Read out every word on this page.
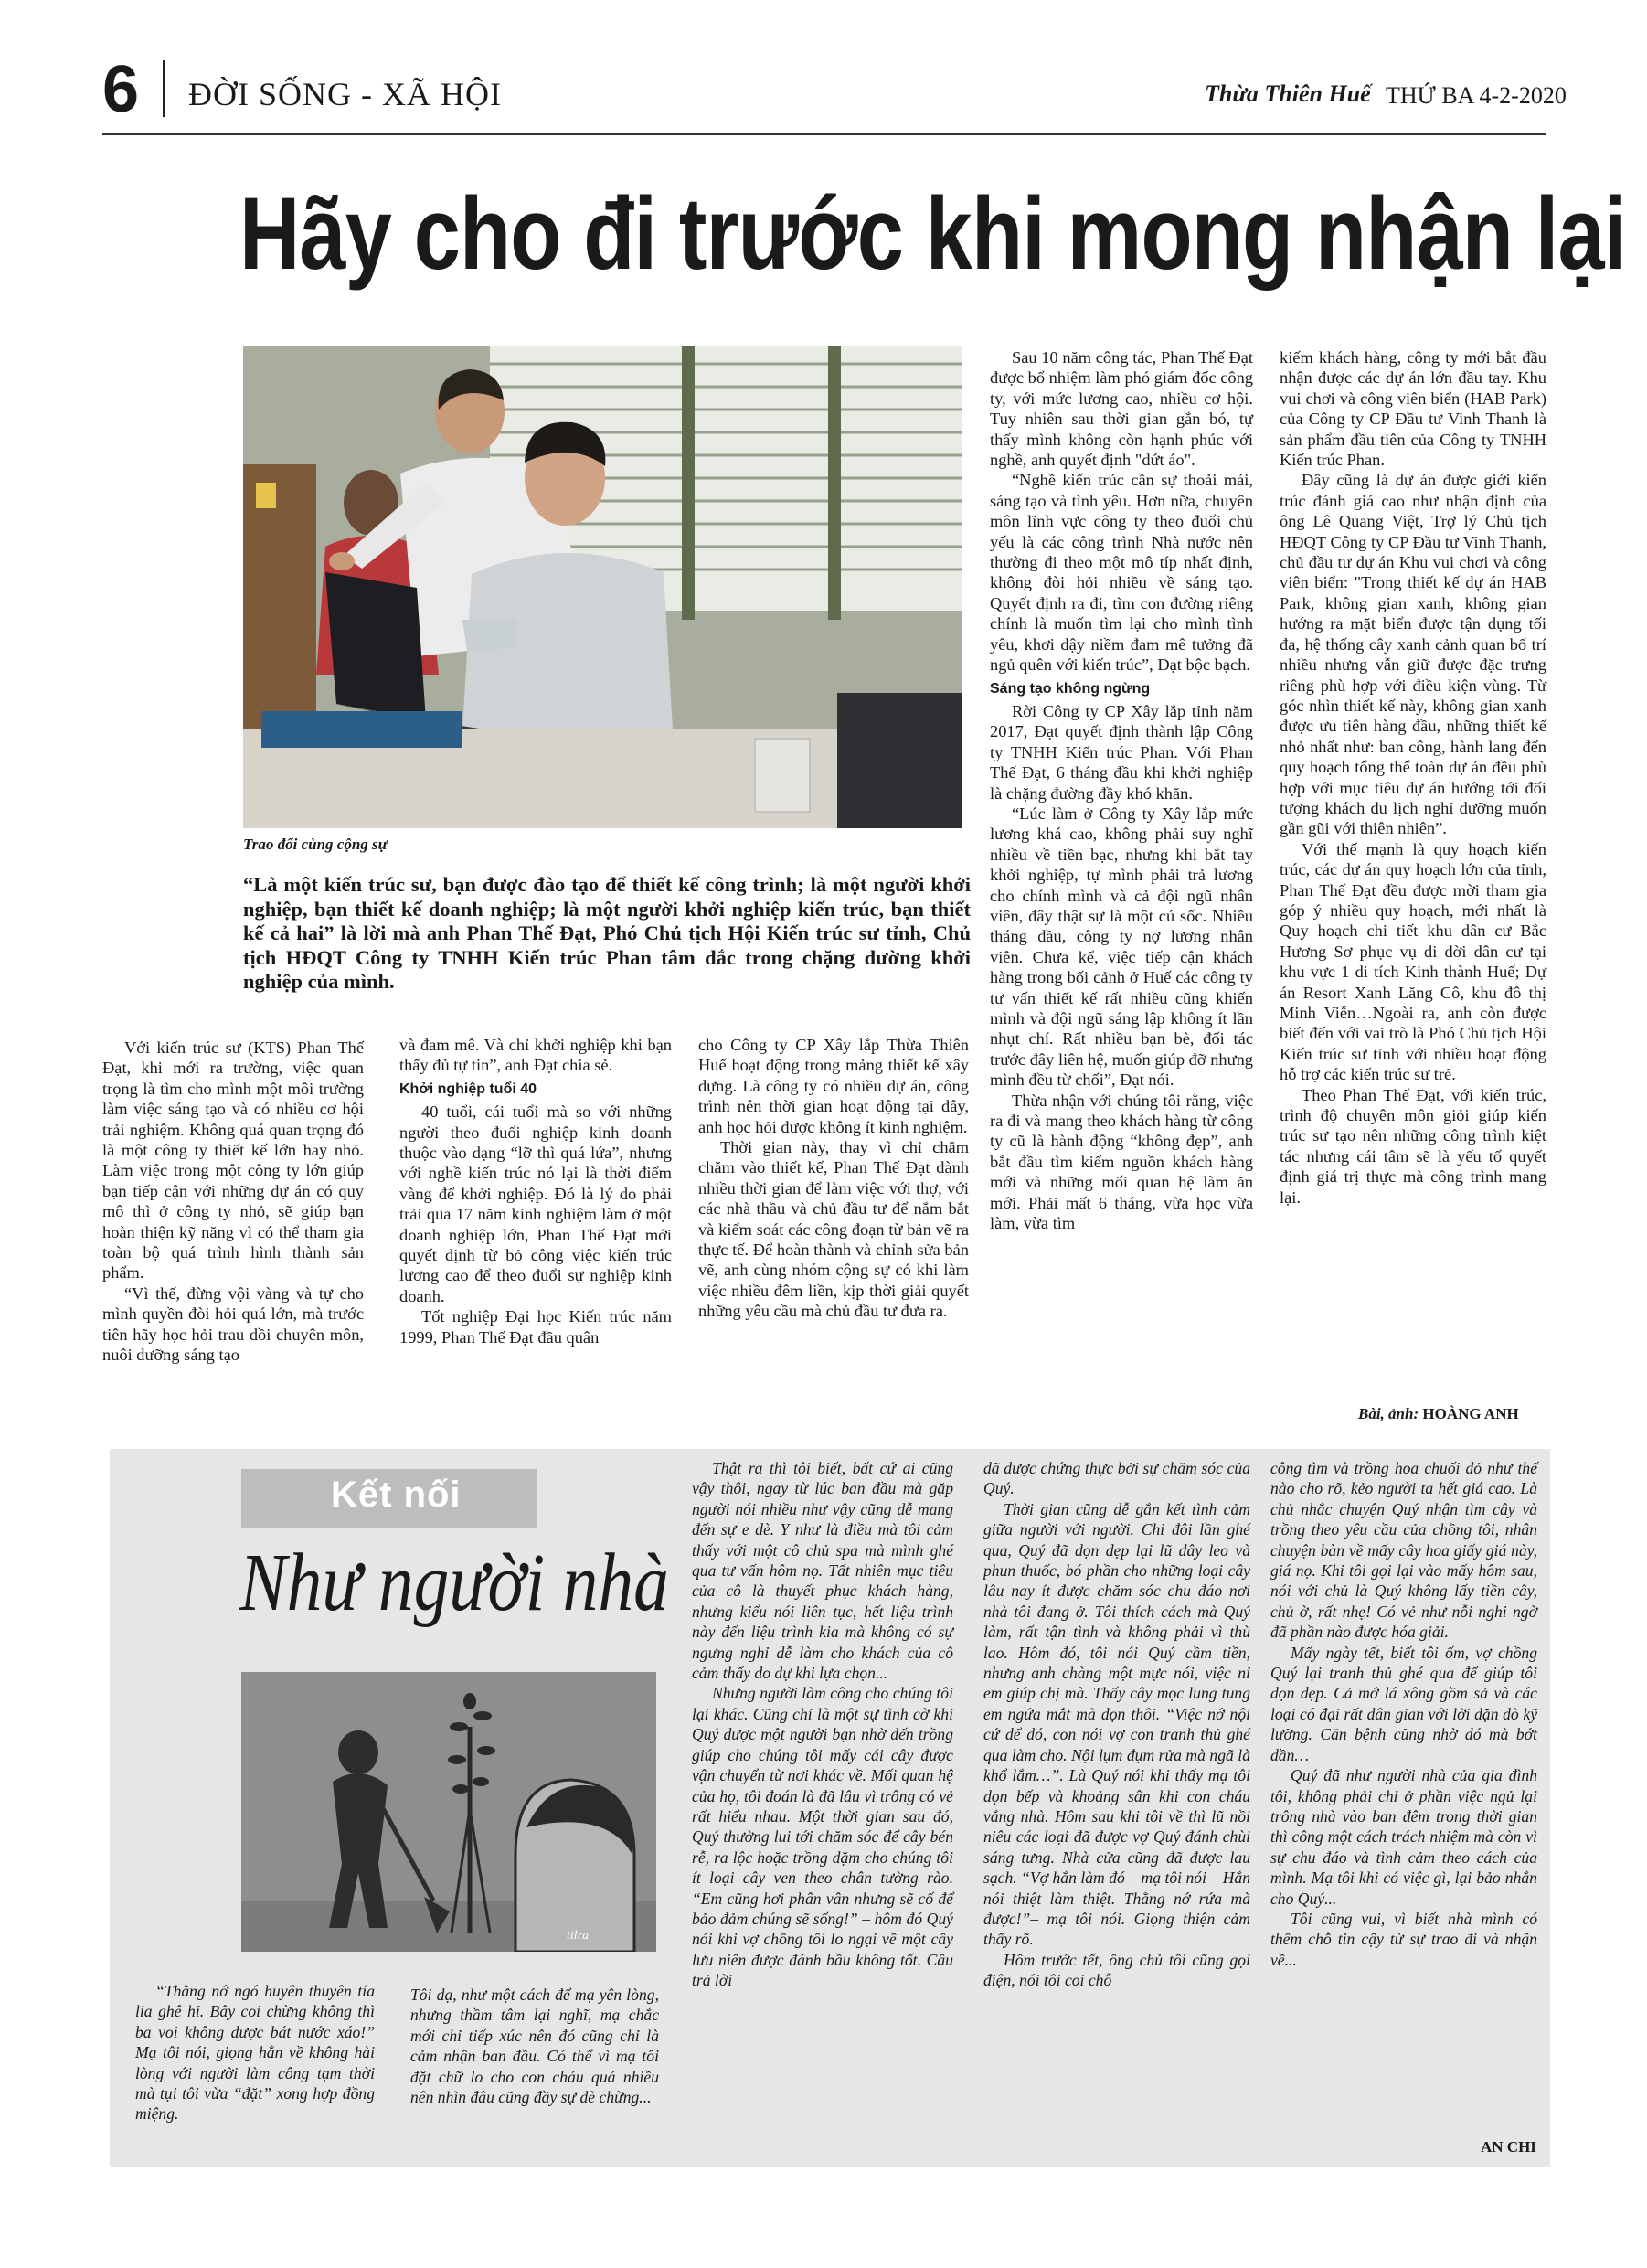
6 ĐỜI SỐNG - XÃ HỘI	Thừa Thiên Huế THỨ BA 4-2-2020
Hãy cho đi trước khi mong nhận lại
Trao đổi cùng cộng sự
“Là một kiến trúc sư, bạn được đào tạo để thiết kế công trình; là một người khởi nghiệp, bạn thiết kế doanh nghiệp; là một người khởi nghiệp kiến trúc, bạn thiết kế cả hai” là lời mà anh Phan Thế Đạt, Phó Chủ tịch Hội Kiến trúc sư tỉnh, Chủ tịch HĐQT Công ty TNHH Kiến trúc Phan tâm đắc trong chặng đường khởi nghiệp của mình.

Với kiến trúc sư (KTS) Phan Thế Đạt, khi mới ra trường, việc quan trọng là tìm cho mình một môi trường làm việc sáng tạo và có nhiều cơ hội trải nghiệm. Không quá quan trọng đó là một công ty thiết kế lớn hay nhỏ. Làm việc trong một công ty lớn giúp bạn tiếp cận với những dự án có quy mô thì ở công ty nhỏ, sẽ giúp bạn hoàn thiện kỹ năng vì có thể tham gia toàn bộ quá trình hình thành sản phẩm.

“Vì thế, đừng vội vàng và tự cho mình quyền đòi hỏi quá lớn, mà trước tiên hãy học hỏi trau dồi chuyên môn, nuôi dưỡng sáng tạo

và đam mê. Và chỉ khởi nghiệp khi bạn thấy đủ tự tin”, anh Đạt chia sẻ.

Khởi nghiệp tuổi 40

40 tuổi, cái tuổi mà so với những người theo đuổi nghiệp kinh doanh thuộc vào dạng “lỡ thì quá lứa”, nhưng với nghề kiến trúc nó lại là thời điểm vàng để khởi nghiệp. Đó là lý do phải trải qua 17 năm kinh nghiệm làm ở một doanh nghiệp lớn, Phan Thế Đạt mới quyết định từ bỏ công việc kiến trúc lương cao để theo đuổi sự nghiệp kinh doanh.

Tốt nghiệp Đại học Kiến trúc năm 1999, Phan Thế Đạt đầu quân

cho Công ty CP Xây lắp Thừa Thiên Huế hoạt động trong mảng thiết kế xây dựng. Là công ty có nhiều dự án, công trình nên thời gian hoạt động tại đây, anh học hỏi được không ít kinh nghiệm.

Thời gian này, thay vì chỉ chăm chăm vào thiết kế, Phan Thế Đạt dành nhiều thời gian để làm việc với thợ, với các nhà thầu và chủ đầu tư để nắm bắt và kiểm soát các công đoạn từ bản vẽ ra thực tế. Để hoàn thành và chỉnh sửa bản vẽ, anh cùng nhóm cộng sự có khi làm việc nhiều đêm liền, kịp thời giải quyết những yêu cầu mà chủ đầu tư đưa ra.

Sau 10 năm công tác, Phan Thế Đạt được bổ nhiệm làm phó giám đốc công ty, với mức lương cao, nhiều cơ hội. Tuy nhiên sau thời gian gắn bó, tự thấy mình không còn hạnh phúc với nghề, anh quyết định "dứt áo".

“Nghề kiến trúc cần sự thoải mái, sáng tạo và tình yêu. Hơn nữa, chuyên môn lĩnh vực công ty theo đuổi chủ yếu là các công trình Nhà nước nên thường đi theo một mô típ nhất định, không đòi hỏi nhiều về sáng tạo. Quyết định ra đi, tìm con đường riêng chính là muốn tìm lại cho mình tình yêu, khơi dậy niềm đam mê tưởng đã ngủ quên với kiến trúc”, Đạt bộc bạch.

Sáng tạo không ngừng

Rời Công ty CP Xây lắp tỉnh năm 2017, Đạt quyết định thành lập Công ty TNHH Kiến trúc Phan. Với Phan Thế Đạt, 6 tháng đầu khi khởi nghiệp là chặng đường đầy khó khăn.

“Lúc làm ở Công ty Xây lắp mức lương khá cao, không phải suy nghĩ nhiều về tiền bạc, nhưng khi bắt tay khởi nghiệp, tự mình phải trả lương cho chính mình và cả đội ngũ nhân viên, đây thật sự là một cú sốc. Nhiều tháng đầu, công ty nợ lương nhân viên. Chưa kể, việc tiếp cận khách hàng trong bối cảnh ở Huế các công ty tư vấn thiết kế rất nhiều cũng khiến mình và đội ngũ sáng lập không ít lần nhụt chí. Rất nhiều bạn bè, đối tác trước đây liên hệ, muốn giúp đỡ nhưng mình đều từ chối”, Đạt nói.

Thừa nhận với chúng tôi rằng, việc ra đi và mang theo khách hàng từ công ty cũ là hành động “không đẹp”, anh bắt đầu tìm kiếm nguồn khách hàng mới và những mối quan hệ làm ăn mới. Phải mất 6 tháng, vừa học vừa làm, vừa tìm

kiếm khách hàng, công ty mới bắt đầu nhận được các dự án lớn đầu tay. Khu vui chơi và công viên biển (HAB Park) của Công ty CP Đầu tư Vinh Thanh là sản phẩm đầu tiên của Công ty TNHH Kiến trúc Phan.

Đây cũng là dự án được giới kiến trúc đánh giá cao như nhận định của ông Lê Quang Việt, Trợ lý Chủ tịch HĐQT Công ty CP Đầu tư Vinh Thanh, chủ đầu tư dự án Khu vui chơi và công viên biển: "Trong thiết kế dự án HAB Park, không gian xanh, không gian hướng ra mặt biển được tận dụng tối đa, hệ thống cây xanh cảnh quan bố trí nhiều nhưng vẫn giữ được đặc trưng riêng phù hợp với điều kiện vùng. Từ góc nhìn thiết kế này, không gian xanh được ưu tiên hàng đầu, những thiết kế nhỏ nhất như: ban công, hành lang đến quy hoạch tổng thể toàn dự án đều phù hợp với mục tiêu dự án hướng tới đối tượng khách du lịch nghỉ dưỡng muốn gần gũi với thiên nhiên”.

Với thế mạnh là quy hoạch kiến trúc, các dự án quy hoạch lớn của tỉnh, Phan Thế Đạt đều được mời tham gia góp ý nhiều quy hoạch, mới nhất là Quy hoạch chi tiết khu dân cư Bắc Hương Sơ phục vụ di dời dân cư tại khu vực 1 di tích Kinh thành Huế; Dự án Resort Xanh Lăng Cô, khu đô thị Minh Viễn…Ngoài ra, anh còn được biết đến với vai trò là Phó Chủ tịch Hội Kiến trúc sư tỉnh với nhiều hoạt động hỗ trợ các kiến trúc sư trẻ.

Theo Phan Thế Đạt, với kiến trúc, trình độ chuyên môn giỏi giúp kiến trúc sư tạo nên những công trình kiệt tác nhưng cái tâm sẽ là yếu tố quyết định giá trị thực mà công trình mang lại.

Bài, ảnh: HOÀNG ANH
Kết nối
Như người nhà
tilra

“Thằng nớ ngó huyên thuyên tía lia ghê hỉ. Bây coi chừng không thì ba voi không được bát nước xáo!” Mạ tôi nói, giọng hẳn về không hài lòng với người làm công tạm thời mà tụi tôi vừa “đặt” xong hợp đồng miệng.

Tôi dạ, như một cách để mạ yên lòng, nhưng thầm tâm lại nghĩ, mạ chắc mới chỉ tiếp xúc nên đó cũng chỉ là cảm nhận ban đầu. Có thể vì mạ tôi đặt chữ lo cho con cháu quá nhiều nên nhìn đâu cũng đầy sự dè chừng...

Thật ra thì tôi biết, bất cứ ai cũng vậy thôi, ngay từ lúc ban đầu mà gặp người nói nhiều như vậy cũng dễ mang đến sự e dè. Y như là điều mà tôi cảm thấy với một cô chủ spa mà mình ghé qua tư vấn hôm nọ. Tất nhiên mục tiêu của cô là thuyết phục khách hàng, nhưng kiểu nói liên tục, hết liệu trình này đến liệu trình kia mà không có sự ngưng nghỉ dễ làm cho khách của cô cảm thấy do dự khi lựa chọn...

Nhưng người làm công cho chúng tôi lại khác. Cũng chỉ là một sự tình cờ khi Quý được một người bạn nhờ đến trồng giúp cho chúng tôi mấy cái cây được vận chuyển từ nơi khác về. Mối quan hệ của họ, tôi đoán là đã lâu vì trông có vẻ rất hiểu nhau. Một thời gian sau đó, Quý thường lui tới chăm sóc để cây bén rễ, ra lộc hoặc trồng dặm cho chúng tôi ít loại cây ven theo chân tường rào. “Em cũng hơi phân vân nhưng sẽ cố để bảo đảm chúng sẽ sống!” – hôm đó Quý nói khi vợ chồng tôi lo ngại về một cây lưu niên được đánh bầu không tốt. Câu trả lời

đã được chứng thực bởi sự chăm sóc của Quý.

Thời gian cũng dễ gắn kết tình cảm giữa người với người. Chỉ đôi lần ghé qua, Quý đã dọn dẹp lại lũ dây leo và phun thuốc, bó phần cho những loại cây lâu nay ít được chăm sóc chu đáo nơi nhà tôi đang ở. Tôi thích cách mà Quý làm, rất tận tình và không phải vì thù lao. Hôm đó, tôi nói Quý cầm tiền, nhưng anh chàng một mực nói, việc nỉ em giúp chị mà. Thấy cây mọc lung tung em ngứa mắt mà dọn thôi. “Việc nớ nội cứ để đó, con nói vợ con tranh thủ ghé qua làm cho. Nội lụm đụm rửa mà ngã là khổ lắm…”. Là Quý nói khi thấy mạ tôi dọn bếp và khoảng sân khi con cháu vắng nhà. Hôm sau khi tôi về thì lũ nồi niêu các loại đã được vợ Quý đánh chùi sáng tưng. Nhà cửa cũng đã được lau sạch. “Vợ hắn làm đó – mạ tôi nói – Hắn nói thiệt làm thiệt. Thằng nớ rứa mà được!”– mạ tôi nói. Giọng thiện cảm thấy rõ.

Hôm trước tết, ông chủ tôi cũng gọi điện, nói tôi coi chỗ

công tìm và trồng hoa chuối đỏ như thế nào cho rõ, kẻo người ta hết giá cao. Là chủ nhắc chuyện Quý nhận tìm cây và trồng theo yêu cầu của chồng tôi, nhân chuyện bàn về mấy cây hoa giấy giá này, giá nọ. Khi tôi gọi lại vào mấy hôm sau, nói với chủ là Quý không lấy tiền cây, chủ ờ, rất nhẹ! Có vẻ như nỗi nghi ngờ đã phần nào được hóa giải.

Mấy ngày tết, biết tôi ốm, vợ chồng Quý lại tranh thủ ghé qua để giúp tôi dọn dẹp. Cả mớ lá xông gồm sả và các loại có đại rất dân gian với lời dặn dò kỹ lưỡng. Căn bệnh cũng nhờ đó mà bớt dần…

Quý đã như người nhà của gia đình tôi, không phải chỉ ở phần việc ngủ lại trông nhà vào ban đêm trong thời gian thì công một cách trách nhiệm mà còn vì sự chu đáo và tình cảm theo cách của mình. Mạ tôi khi có việc gì, lại bảo nhắn cho Quý...

Tôi cũng vui, vì biết nhà mình có thêm chỗ tin cậy từ sự trao đi và nhận về...

AN CHI
